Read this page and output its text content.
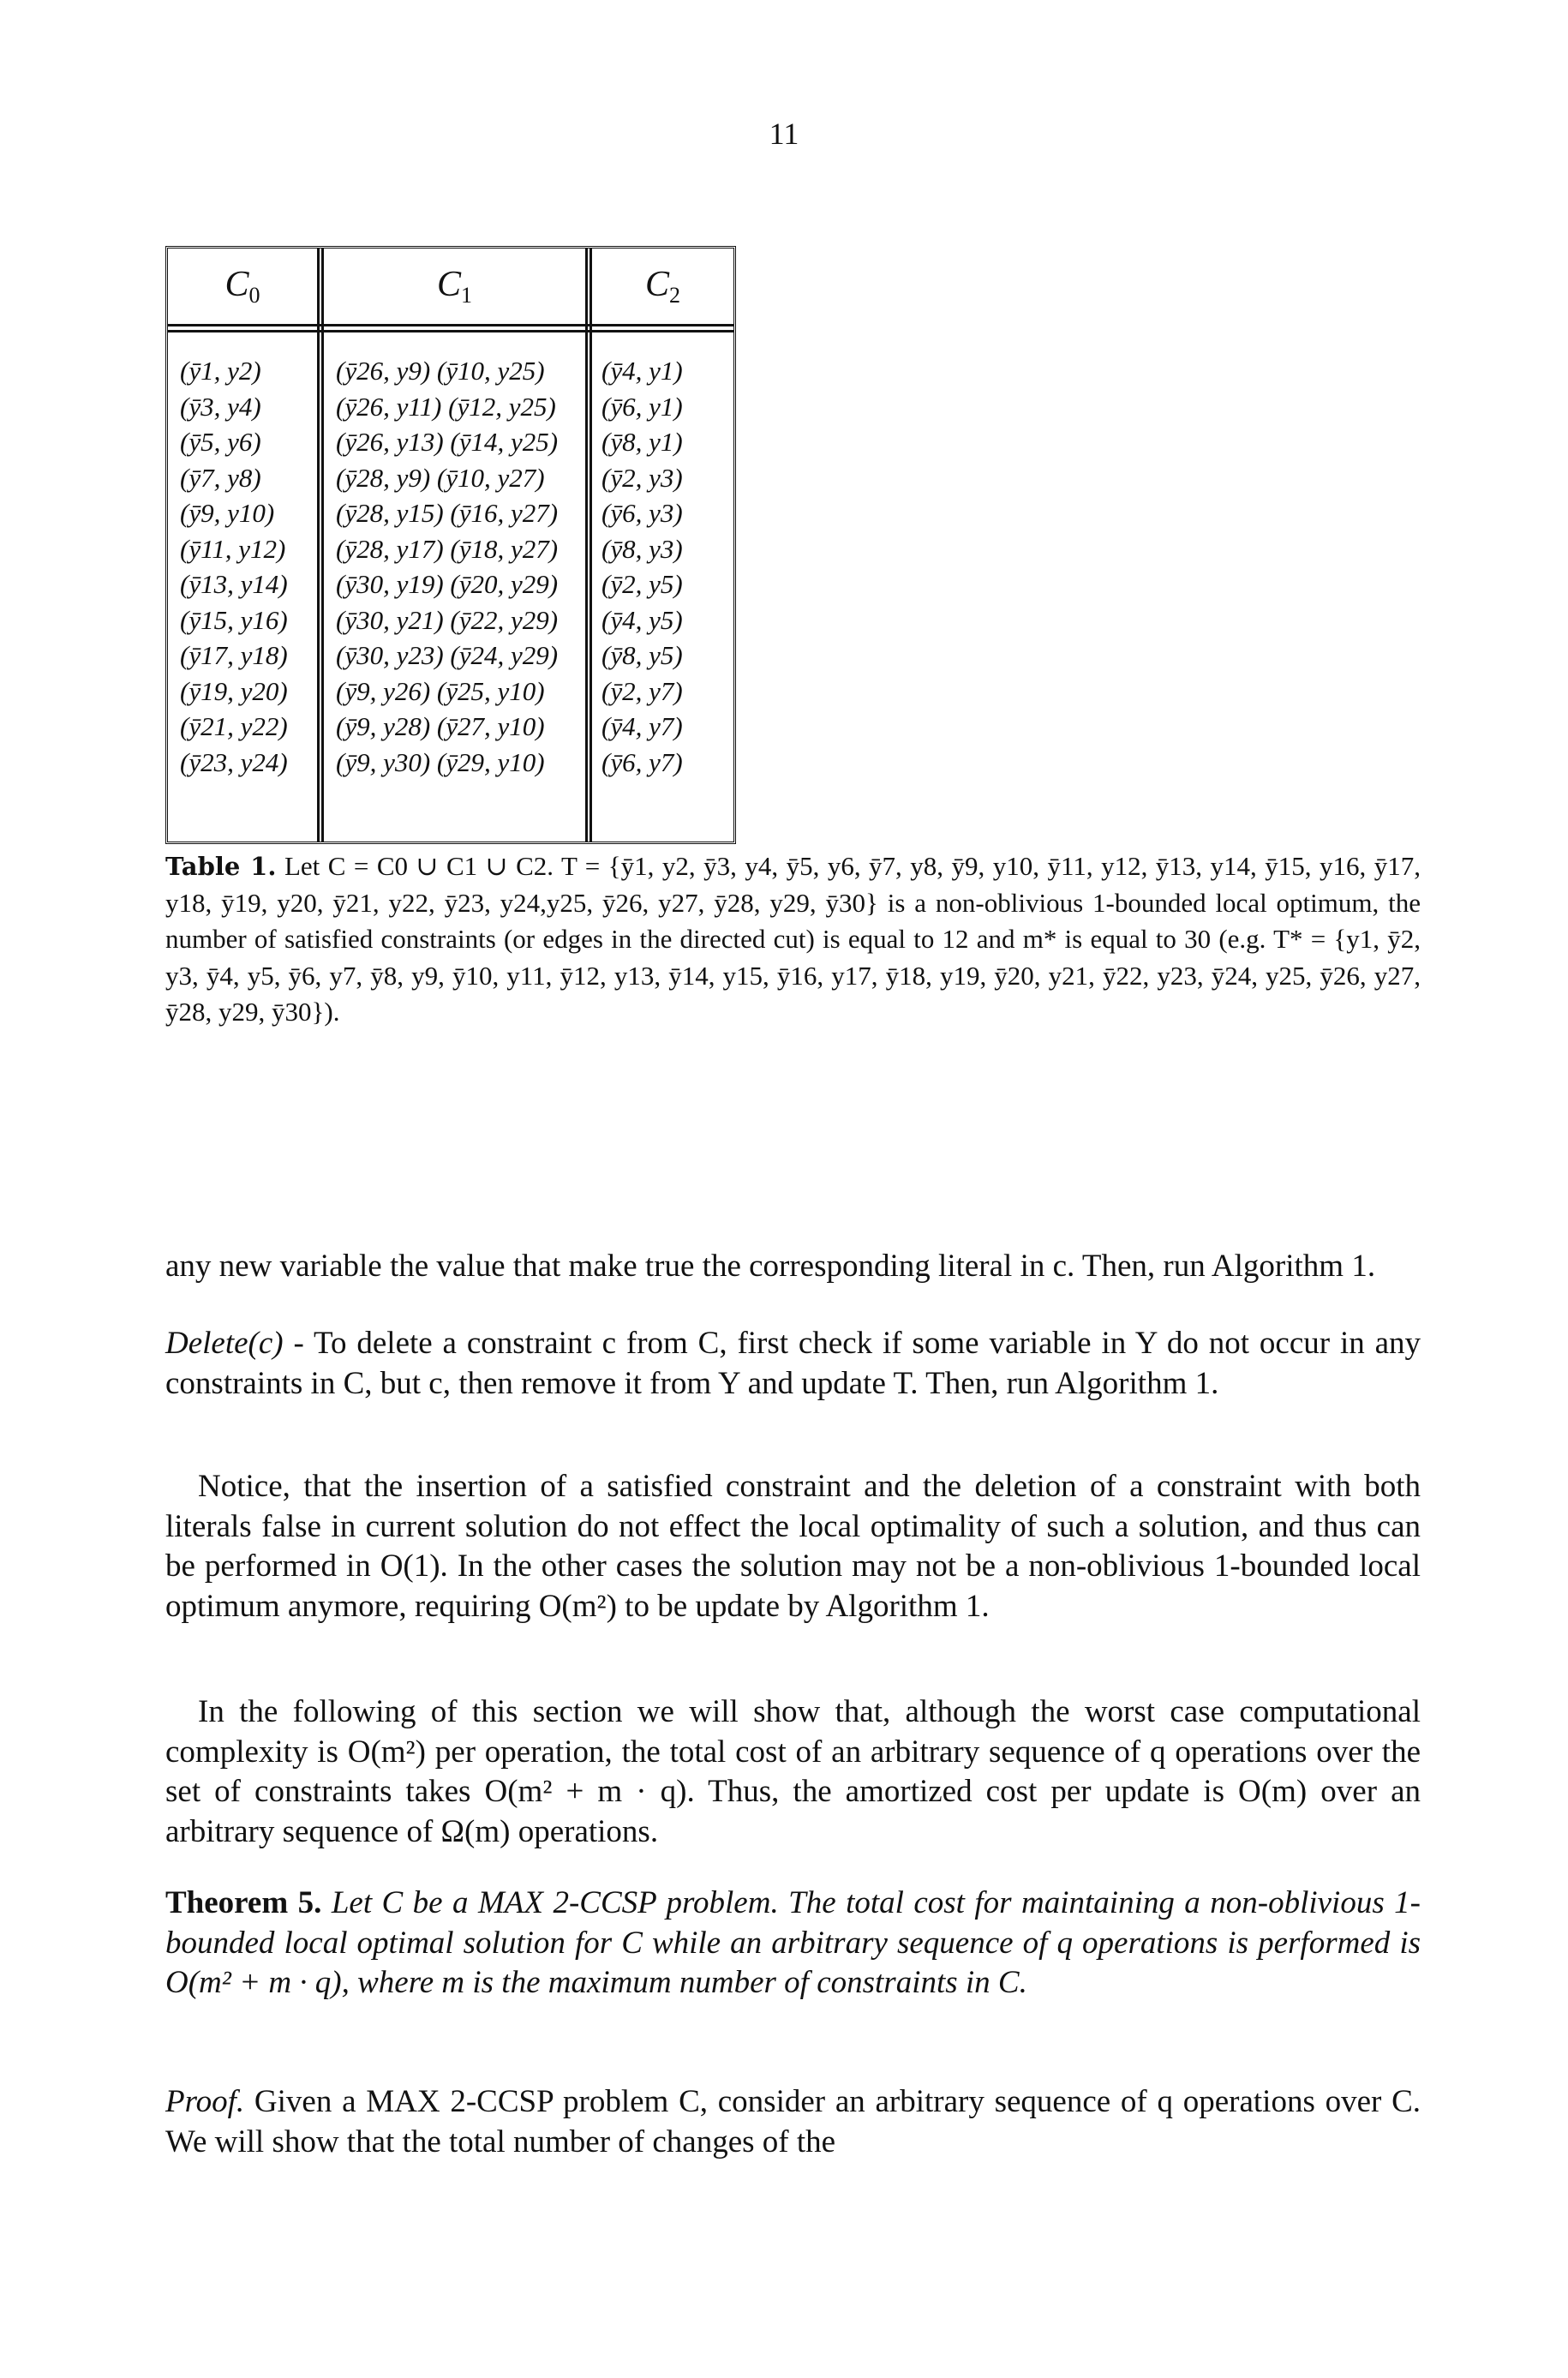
11
$C_0$	$C_1$	$C_2$
(ȳ1, y2)
(ȳ3, y4)
(ȳ5, y6)
(ȳ7, y8)
(ȳ9, y10)
(ȳ11, y12)
(ȳ13, y14)
(ȳ15, y16)
(ȳ17, y18)
(ȳ19, y20)
(ȳ21, y22)
(ȳ23, y24)
(ȳ26, y9) (ȳ10, y25)
(ȳ26, y11) (ȳ12, y25)
(ȳ26, y13) (ȳ14, y25)
(ȳ28, y9) (ȳ10, y27)
(ȳ28, y15) (ȳ16, y27)
(ȳ28, y17) (ȳ18, y27)
(ȳ30, y19) (ȳ20, y29)
(ȳ30, y21) (ȳ22, y29)
(ȳ30, y23) (ȳ24, y29)
(ȳ9, y26) (ȳ25, y10)
(ȳ9, y28) (ȳ27, y10)
(ȳ9, y30) (ȳ29, y10)
(ȳ4, y1)
(ȳ6, y1)
(ȳ8, y1)
(ȳ2, y3)
(ȳ6, y3)
(ȳ8, y3)
(ȳ2, y5)
(ȳ4, y5)
(ȳ8, y5)
(ȳ2, y7)
(ȳ4, y7)
(ȳ6, y7)
Table 1. Let C = C0 ∪ C1 ∪ C2. T = {ȳ1, y2, ȳ3, y4, ȳ5, y6, ȳ7, y8, ȳ9, y10, ȳ11, y12, ȳ13, y14, ȳ15, y16, ȳ17, y18, ȳ19, y20, ȳ21, y22, ȳ23, y24,y25, ȳ26, y27, ȳ28, y29, ȳ30} is a non-oblivious 1-bounded local optimum, the number of satisfied constraints (or edges in the directed cut) is equal to 12 and m* is equal to 30 (e.g. T* = {y1, ȳ2, y3, ȳ4, y5, ȳ6, y7, ȳ8, y9, ȳ10, y11, ȳ12, y13, ȳ14, y15, ȳ16, y17, ȳ18, y19, ȳ20, y21, ȳ22, y23, ȳ24, y25, ȳ26, y27, ȳ28, y29, ȳ30}).
any new variable the value that make true the corresponding literal in c. Then, run Algorithm 1.
Delete(c) - To delete a constraint c from C, first check if some variable in Y do not occur in any constraints in C, but c, then remove it from Y and update T. Then, run Algorithm 1.
Notice, that the insertion of a satisfied constraint and the deletion of a constraint with both literals false in current solution do not effect the local optimality of such a solution, and thus can be performed in O(1). In the other cases the solution may not be a non-oblivious 1-bounded local optimum anymore, requiring O(m²) to be update by Algorithm 1.
In the following of this section we will show that, although the worst case computational complexity is O(m²) per operation, the total cost of an arbitrary sequence of q operations over the set of constraints takes O(m² + m · q). Thus, the amortized cost per update is O(m) over an arbitrary sequence of Ω(m) operations.
Theorem 5. Let C be a MAX 2-CCSP problem. The total cost for maintaining a non-oblivious 1-bounded local optimal solution for C while an arbitrary sequence of q operations is performed is O(m² + m · q), where m is the maximum number of constraints in C.
Proof. Given a MAX 2-CCSP problem C, consider an arbitrary sequence of q operations over C. We will show that the total number of changes of the
